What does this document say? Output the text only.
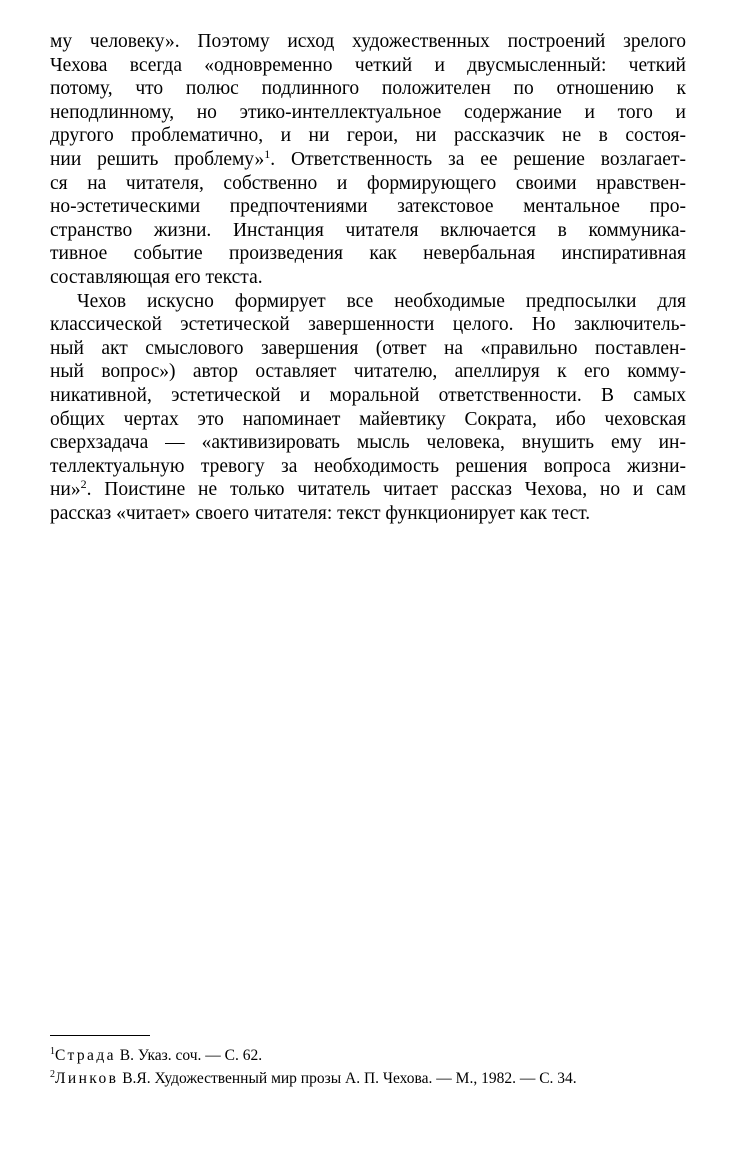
му человеку». Поэтому исход художественных построений зрелого
Чехова всегда «одновременно четкий и двусмысленный: четкий
потому, что полюс подлинного положителен по отношению к
неподлинному, но этико-интеллектуальное содержание и того и
другого проблематично, и ни герои, ни рассказчик не в состоя-
нии решить проблему»$^1$. Ответственность за ее решение возлагает-
ся на читателя, собственно и формирующего своими нравствен-
но-эстетическими предпочтениями затекстовое ментальное про-
странство жизни. Инстанция читателя включается в коммуника-
тивное событие произведения как невербальная инспиративная
составляющая его текста.
Чехов искусно формирует все необходимые предпосылки для
классической эстетической завершенности целого. Но заключитель-
ный акт смыслового завершения (ответ на «правильно поставлен-
ный вопрос») автор оставляет читателю, апеллируя к его комму-
никативной, эстетической и моральной ответственности. В самых
общих чертах это напоминает майевтику Сократа, ибо чеховская
сверхзадача — «активизировать мысль человека, внушить ему ин-
теллектуальную тревогу за необходимость решения вопроса жизни-
ни»$^2$. Поистине не только читатель читает рассказ Чехова, но и сам
рассказ «читает» своего читателя: текст функционирует как тест.
$^1$Страда В. Указ. соч. — С. 62.
$^2$Линков В.Я. Художественный мир прозы А. П. Чехова. — М., 1982. — С. 34.
